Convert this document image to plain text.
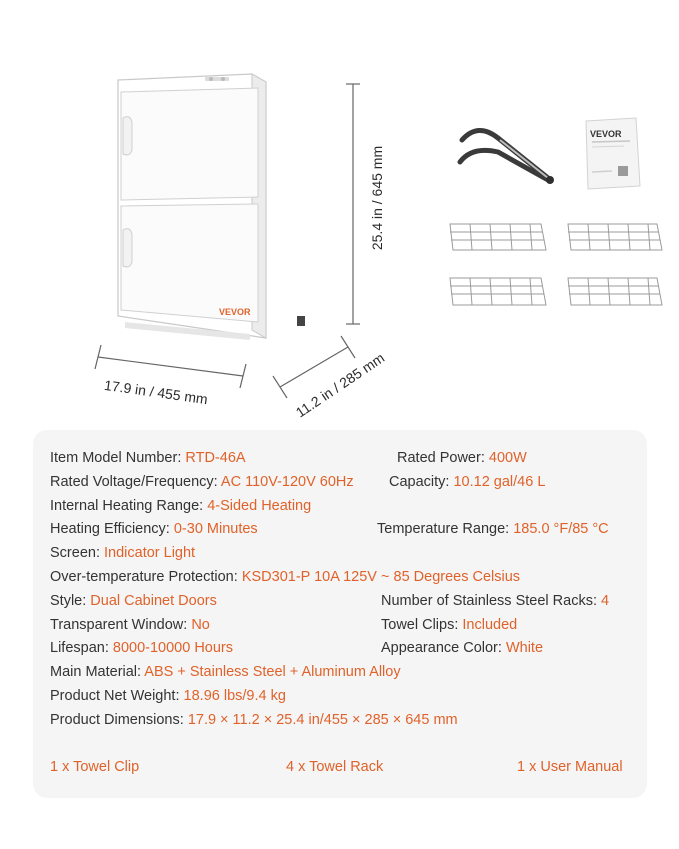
VEVOR
VEVOR
25.4 in / 645 mm
17.9 in / 455 mm	11.2 in / 285 mm
Item Model Number: RTD-46A	Rated Power: 400W
Rated Voltage/Frequency: AC 110V-120V 60Hz Capacity: 10.12 gal/46 L
Internal Heating Range: 4-Sided Heating
Heating Efficiency: 0-30 Minutes	Temperature Range: 185.0 °F/85 °C
Screen: Indicator Light
Over-temperature Protection: KSD301-P 10A 125V ~ 85 Degrees Celsius
Style: Dual Cabinet Doors	Number of Stainless Steel Racks: 4
Transparent Window: No	Towel Clips: Included
Lifespan: 8000-10000 Hours	Appearance Color: White
Main Material: ABS + Stainless Steel + Aluminum Alloy
Product Net Weight: 18.96 lbs/9.4 kg
Product Dimensions: 17.9 × 11.2 × 25.4 in/455 × 285 × 645 mm
1 x Towel Clip	4 x Towel Rack	1 x User Manual
